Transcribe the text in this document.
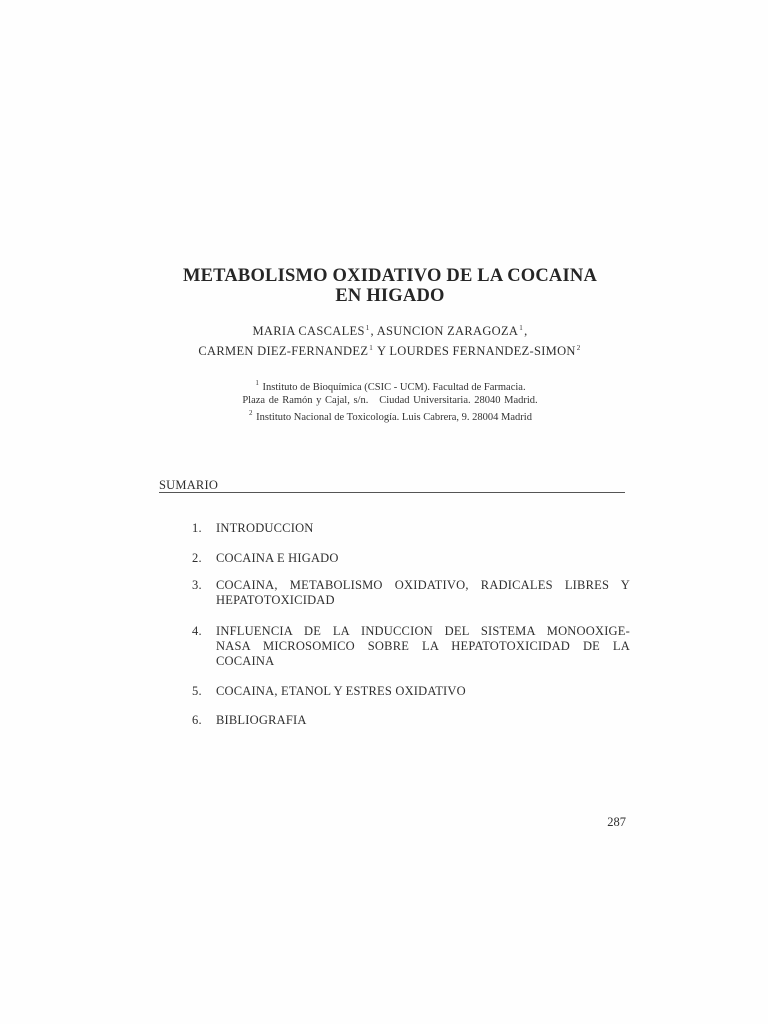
METABOLISMO OXIDATIVO DE LA COCAINA
EN HIGADO
MARIA CASCALES$^1$, ASUNCION ZARAGOZA$^1$,
CARMEN DIEZ-FERNANDEZ$^1$ Y LOURDES FERNANDEZ-SIMON$^2$
$^1$ Instituto de Bioquímica (CSIC - UCM). Facultad de Farmacia.
Plaza de Ramón y Cajal, s/n.   Ciudad Universitaria. 28040 Madrid.
$^2$ Instituto Nacional de Toxicología. Luis Cabrera, 9. 28004 Madrid
SUMARIO
1.	INTRODUCCION
2.	COCAINA E HIGADO
3.	COCAINA, METABOLISMO OXIDATIVO, RADICALES LIBRES Y
HEPATOTOXICIDAD
4.	INFLUENCIA DE LA INDUCCION DEL SISTEMA MONOOXIGE-
NASA MICROSOMICO SOBRE LA HEPATOTOXICIDAD DE LA
COCAINA
5.	COCAINA, ETANOL Y ESTRES OXIDATIVO
6.	BIBLIOGRAFIA
287
